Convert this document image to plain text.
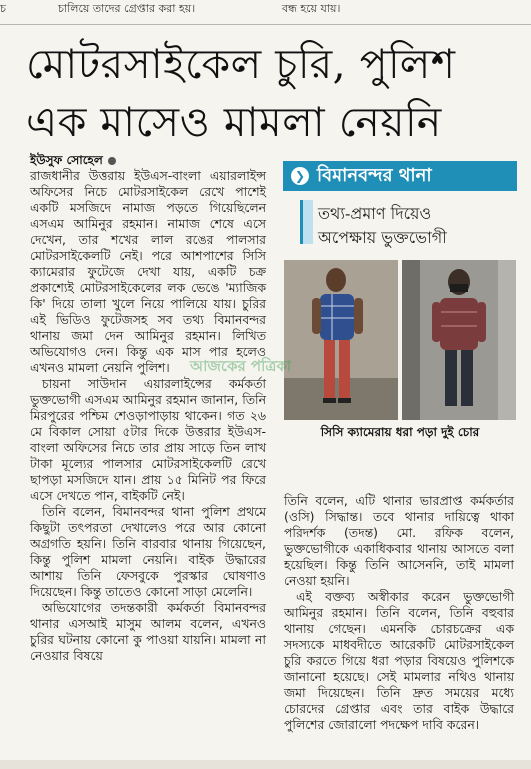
চ	চালিয়ে তাদের গ্রেপ্তার করা হয়।	বন্ধ হয়ে যায়।
মোটরসাইকেল চুরি, পুলিশ
এক মাসেও মামলা নেয়নি
ইউসুফ সোহেল

রাজধানীর উত্তরায় ইউএস-বাংলা এয়ারলাইন্স অফিসের নিচে মোটরসাইকেল রেখে পাশেই একটি মসজিদে নামাজ পড়তে গিয়েছিলেন এসএম আমিনুর রহমান। নামাজ শেষে এসে দেখেন, তার শখের লাল রঙের পালসার মোটরসাইকেলটি নেই। পরে আশপাশের সিসি ক্যামেরার ফুটেজে দেখা যায়, একটি চক্র প্রকাশ্যেই মোটরসাইকেলের লক ভেঙে 'ম্যাজিক কি' দিয়ে তালা খুলে নিয়ে পালিয়ে যায়। চুরির এই ভিডিও ফুটেজসহ সব তথ্য বিমানবন্দর থানায় জমা দেন আমিনুর রহমান। লিখিত অভিযোগও দেন। কিন্তু এক মাস পার হলেও এখনও মামলা নেয়নি পুলিশ।

চায়না সাউদান এয়ারলাইন্সের কর্মকর্তা ভুক্তভোগী এসএম আমিনুর রহমান জানান, তিনি মিরপুরের পশ্চিম শেওড়াপাড়ায় থাকেন। গত ২৬ মে বিকাল সোয়া ৫টার দিকে উত্তরার ইউএস-বাংলা অফিসের নিচে তার প্রায় সাড়ে তিন লাখ টাকা মূল্যের পালসার মোটরসাইকেলটি রেখে ছাপড়া মসজিদে যান। প্রায় ১৫ মিনিট পর ফিরে এসে দেখতে পান, বাইকটি নেই।

তিনি বলেন, বিমানবন্দর থানা পুলিশ প্রথমে কিছুটা তৎপরতা দেখালেও পরে আর কোনো অগ্রগতি হয়নি। তিনি বারবার থানায় গিয়েছেন, কিন্তু পুলিশ মামলা নেয়নি। বাইক উদ্ধারের আশায় তিনি ফেসবুকে পুরস্কার ঘোষণাও দিয়েছেন। কিন্তু তাতেও কোনো সাড়া মেলেনি।

অভিযোগের তদন্তকারী কর্মকর্তা বিমানবন্দর থানার এসআই মাসুম আলম বলেন, এখনও চুরির ঘটনায় কোনো কু পাওয়া যায়নি। মামলা না নেওয়ার বিষয়ে

❯ বিমানবন্দর থানা
তথ্য-প্রমাণ দিয়েও
অপেক্ষায় ভুক্তভোগী
আজকের পত্রিকা
সিসি ক্যামেরায় ধরা পড়া দুই চোর

তিনি বলেন, এটি থানার ভারপ্রাপ্ত কর্মকর্তার (ওসি) সিদ্ধান্ত। তবে থানার দায়িত্বে থাকা পরিদর্শক (তদন্ত) মো. রফিক বলেন, ভুক্তভোগীকে একাধিকবার থানায় আসতে বলা হয়েছিল। কিন্তু তিনি আসেননি, তাই মামলা নেওয়া হয়নি।

এই বক্তব্য অস্বীকার করেন ভুক্তভোগী আমিনুর রহমান। তিনি বলেন, তিনি বহুবার থানায় গেছেন। এমনকি চোরচক্রের এক সদস্যকে মাধবদীতে আরেকটি মোটরসাইকেল চুরি করতে গিয়ে ধরা পড়ার বিষয়েও পুলিশকে জানানো হয়েছে। সেই মামলার নথিও থানায় জমা দিয়েছেন। তিনি দ্রুত সময়ের মধ্যে চোরদের গ্রেপ্তার এবং তার বাইক উদ্ধারে পুলিশের জোরালো পদক্ষেপ দাবি করেন।
